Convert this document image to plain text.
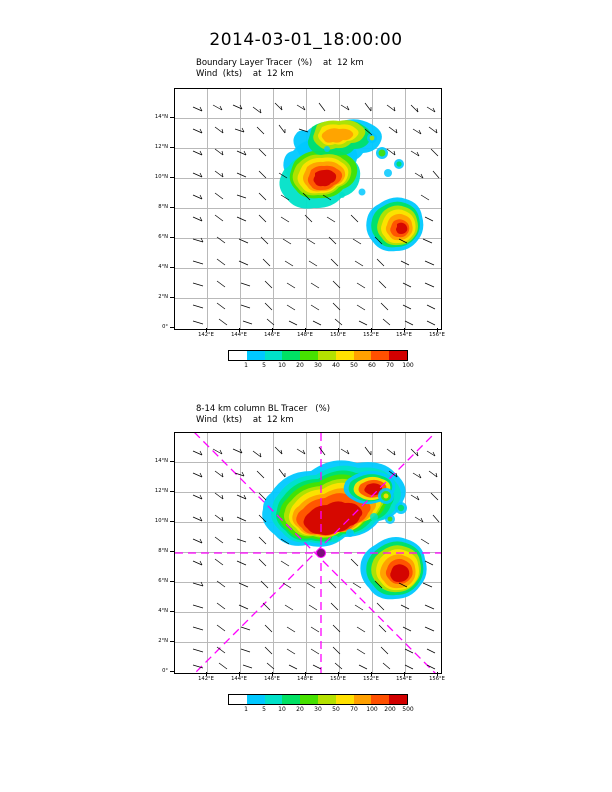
2014-03-01_18:00:00
Boundary Layer Tracer  (%)    at  12 km
Wind  (kts)    at  12 km
142°E	144°E	146°E	148°E	150°E	152°E	154°E	156°E
0°
2°N
4°N
6°N
8°N
10°N
12°N
14°N
1 5 10 20 30 40 50 60 70 100
8-14 km column BL Tracer   (%)
Wind  (kts)    at  12 km
142°E	144°E	146°E	148°E	150°E	152°E	154°E	156°E
0°
2°N
4°N
6°N
8°N
10°N
12°N
14°N
1 5 10 20 30 50 70 100 200 500
